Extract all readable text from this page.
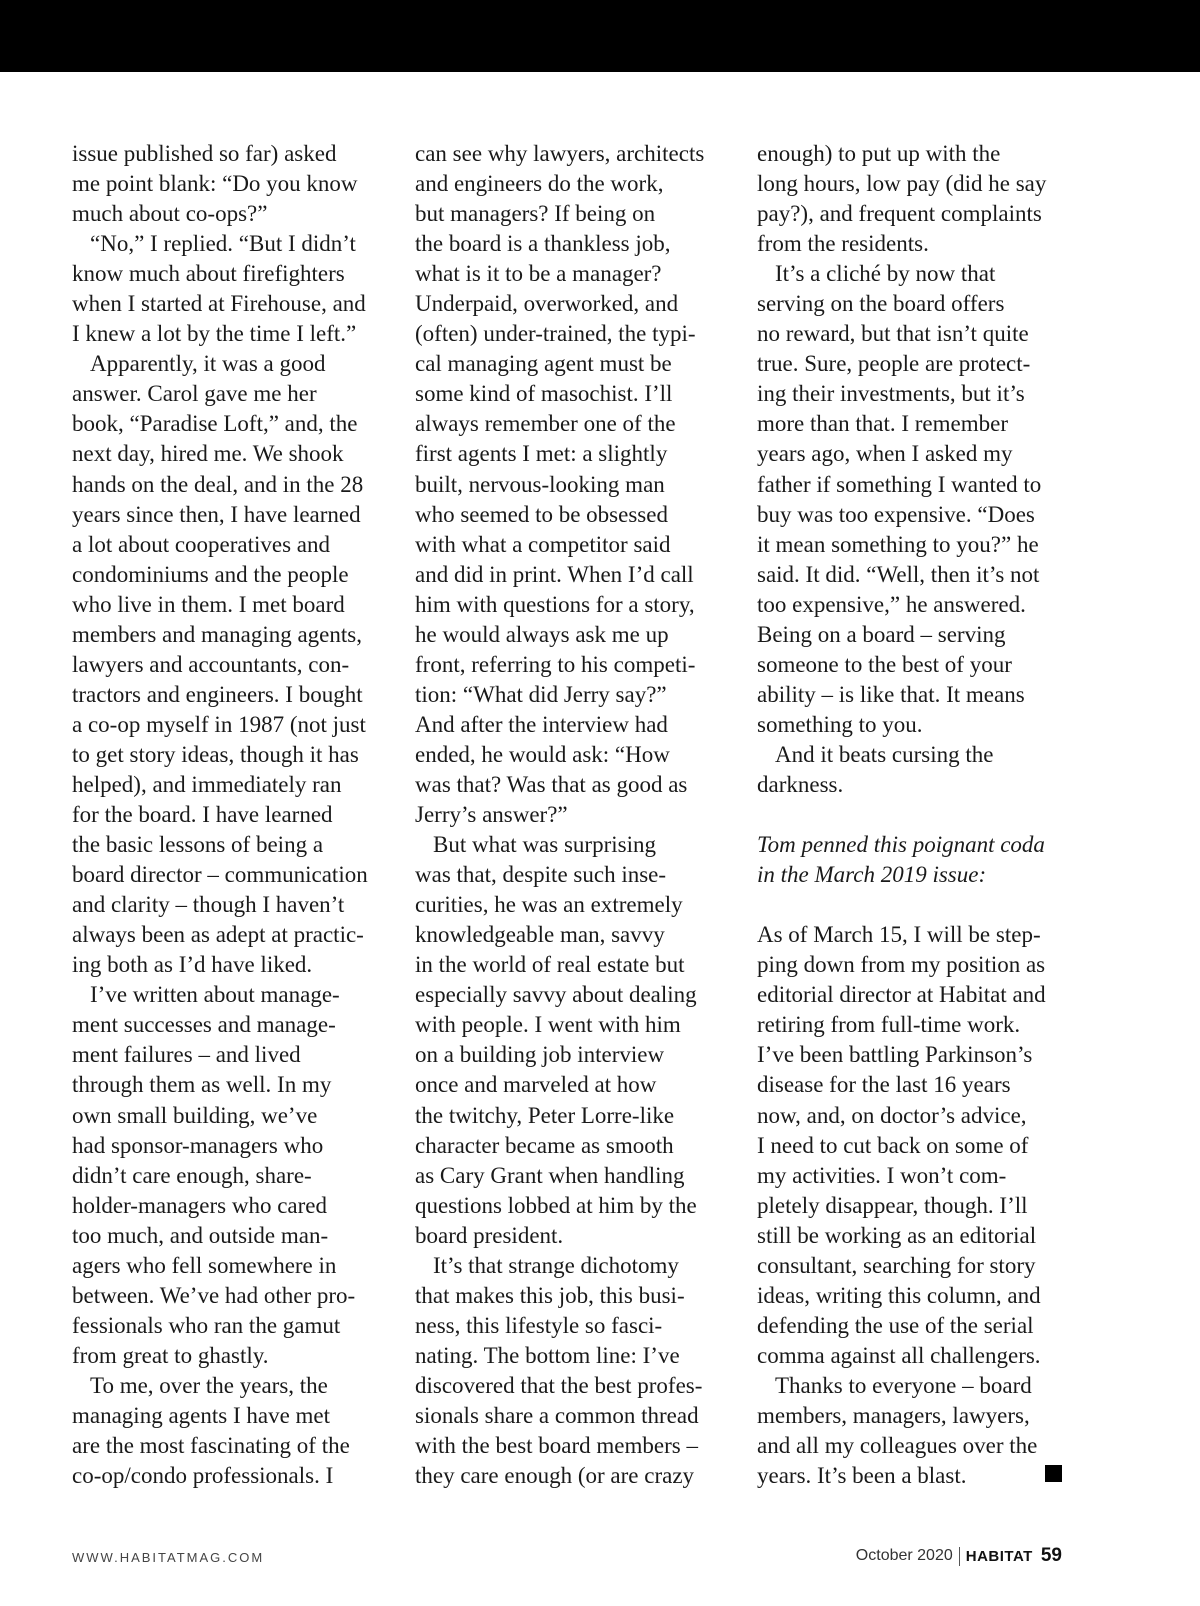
issue published so far) asked
me point blank: “Do you know
much about co-ops?”
“No,” I replied. “But I didn’t
know much about firefighters
when I started at Firehouse, and
I knew a lot by the time I left.”
Apparently, it was a good
answer. Carol gave me her
book, “Paradise Loft,” and, the
next day, hired me. We shook
hands on the deal, and in the 28
years since then, I have learned
a lot about cooperatives and
condominiums and the people
who live in them. I met board
members and managing agents,
lawyers and accountants, con-
tractors and engineers. I bought
a co-op myself in 1987 (not just
to get story ideas, though it has
helped), and immediately ran
for the board. I have learned
the basic lessons of being a
board director – communication
and clarity – though I haven’t
always been as adept at practic-
ing both as I’d have liked.
I’ve written about manage-
ment successes and manage-
ment failures – and lived
through them as well. In my
own small building, we’ve
had sponsor-managers who
didn’t care enough, share-
holder-managers who cared
too much, and outside man-
agers who fell somewhere in
between. We’ve had other pro-
fessionals who ran the gamut
from great to ghastly.
To me, over the years, the
managing agents I have met
are the most fascinating of the
co-op/condo professionals. I
can see why lawyers, architects
and engineers do the work,
but managers? If being on
the board is a thankless job,
what is it to be a manager?
Underpaid, overworked, and
(often) under-trained, the typi-
cal managing agent must be
some kind of masochist. I’ll
always remember one of the
first agents I met: a slightly
built, nervous-looking man
who seemed to be obsessed
with what a competitor said
and did in print. When I’d call
him with questions for a story,
he would always ask me up
front, referring to his competi-
tion: “What did Jerry say?”
And after the interview had
ended, he would ask: “How
was that? Was that as good as
Jerry’s answer?”
But what was surprising
was that, despite such inse-
curities, he was an extremely
knowledgeable man, savvy
in the world of real estate but
especially savvy about dealing
with people. I went with him
on a building job interview
once and marveled at how
the twitchy, Peter Lorre-like
character became as smooth
as Cary Grant when handling
questions lobbed at him by the
board president.
It’s that strange dichotomy
that makes this job, this busi-
ness, this lifestyle so fasci-
nating. The bottom line: I’ve
discovered that the best profes-
sionals share a common thread
with the best board members –
they care enough (or are crazy
enough) to put up with the
long hours, low pay (did he say
pay?), and frequent complaints
from the residents.
It’s a cliché by now that
serving on the board offers
no reward, but that isn’t quite
true. Sure, people are protect-
ing their investments, but it’s
more than that. I remember
years ago, when I asked my
father if something I wanted to
buy was too expensive. “Does
it mean something to you?” he
said. It did. “Well, then it’s not
too expensive,” he answered.
Being on a board – serving
someone to the best of your
ability – is like that. It means
something to you.
And it beats cursing the
darkness.
Tom penned this poignant coda
in the March 2019 issue:
As of March 15, I will be step-
ping down from my position as
editorial director at Habitat and
retiring from full-time work.
I’ve been battling Parkinson’s
disease for the last 16 years
now, and, on doctor’s advice,
I need to cut back on some of
my activities. I won’t com-
pletely disappear, though. I’ll
still be working as an editorial
consultant, searching for story
ideas, writing this column, and
defending the use of the serial
comma against all challengers.
Thanks to everyone – board
members, managers, lawyers,
and all my colleagues over the
years. It’s been a blast.
WWW.HABITATMAG.COM	October 2020 HABITAT 59
